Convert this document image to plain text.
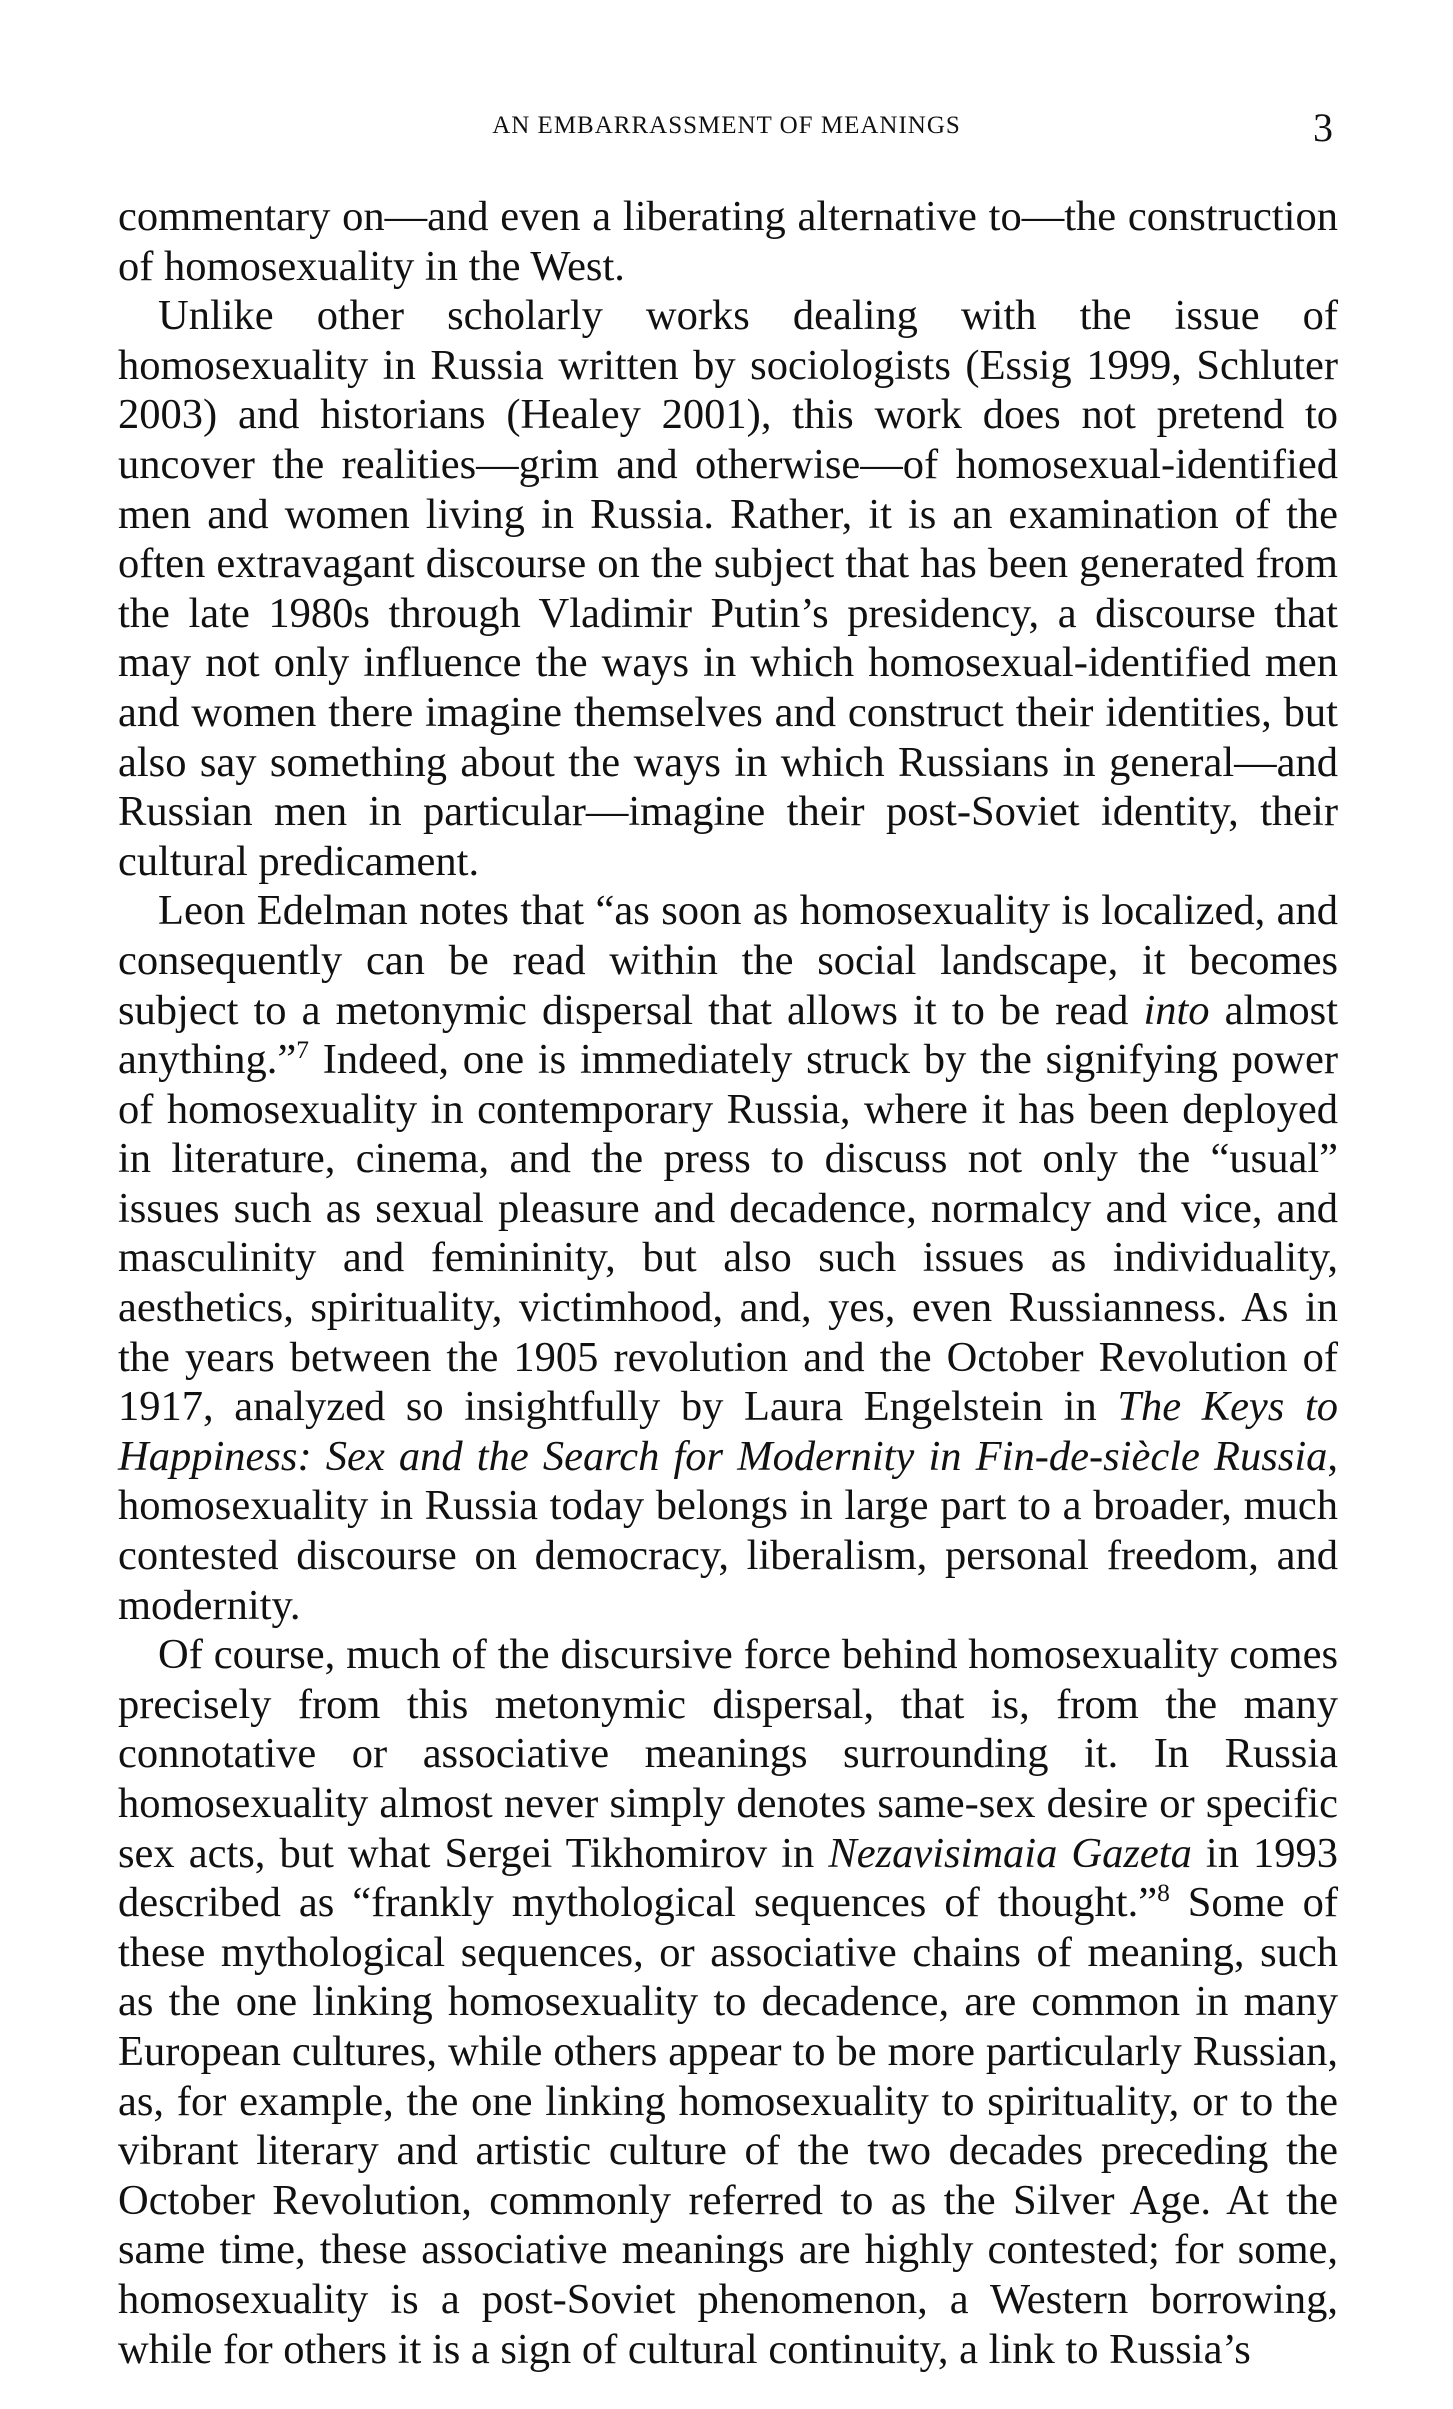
AN EMBARRASSMENT OF MEANINGS	3

commentary on—and even a liberating alternative to—the construction of homosexuality in the West.

Unlike other scholarly works dealing with the issue of homosexuality in Russia written by sociologists (Essig 1999, Schluter 2003) and historians (Healey 2001), this work does not pretend to uncover the realities—grim and otherwise—of homosexual-identified men and women living in Russia. Rather, it is an examination of the often extravagant discourse on the subject that has been generated from the late 1980s through Vladimir Putin’s presidency, a discourse that may not only influence the ways in which homosexual-identified men and women there imagine themselves and construct their identities, but also say something about the ways in which Russians in general—and Russian men in particular—imagine their post-Soviet identity, their cultural predicament.

Leon Edelman notes that “as soon as homosexuality is localized, and consequently can be read within the social landscape, it becomes subject to a metonymic dispersal that allows it to be read into almost anything.”$^7$ Indeed, one is immediately struck by the signifying power of homosexuality in contemporary Russia, where it has been deployed in literature, cinema, and the press to discuss not only the “usual” issues such as sexual pleasure and decadence, normalcy and vice, and masculinity and femininity, but also such issues as individuality, aesthetics, spirituality, victimhood, and, yes, even Russianness. As in the years between the 1905 revolution and the October Revolution of 1917, analyzed so insightfully by Laura Engelstein in The Keys to Happiness: Sex and the Search for Modernity in Fin-de-siècle Russia, homosexuality in Russia today belongs in large part to a broader, much contested discourse on democracy, liberalism, personal freedom, and modernity.

Of course, much of the discursive force behind homosexuality comes precisely from this metonymic dispersal, that is, from the many connotative or associative meanings surrounding it. In Russia homosexuality almost never simply denotes same-sex desire or specific sex acts, but what Sergei Tikhomirov in Nezavisimaia Gazeta in 1993 described as “frankly mythological sequences of thought.”$^8$ Some of these mythological sequences, or associative chains of meaning, such as the one linking homosexuality to decadence, are common in many European cultures, while others appear to be more particularly Russian, as, for example, the one linking homosexuality to spirituality, or to the vibrant literary and artistic culture of the two decades preceding the October Revolution, commonly referred to as the Silver Age. At the same time, these associative meanings are highly contested; for some, homosexuality is a post-Soviet phenomenon, a Western borrowing, while for others it is a sign of cultural continuity, a link to Russia’s
